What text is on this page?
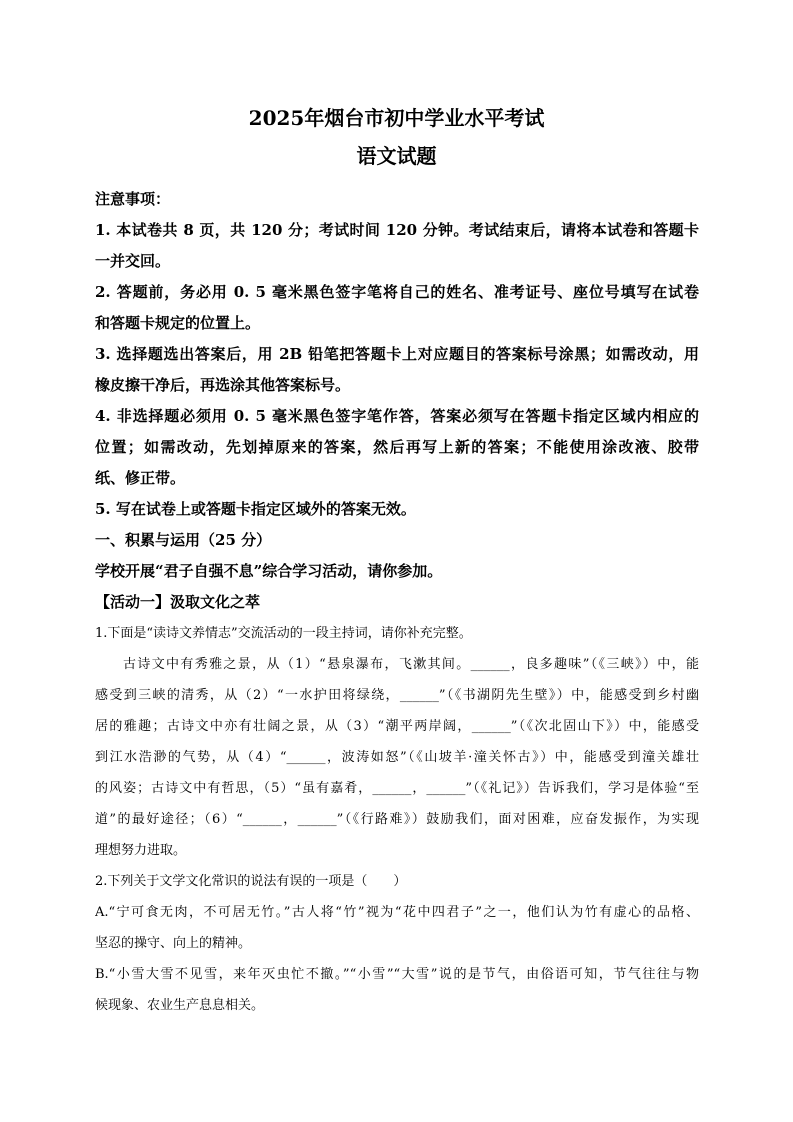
2025年烟台市初中学业水平考试
语文试题
注意事项：
1. 本试卷共 8 页，共 120 分；考试时间 120 分钟。考试结束后，请将本试卷和答题卡
一并交回。
2. 答题前，务必用 0. 5 毫米黑色签字笔将自己的姓名、准考证号、座位号填写在试卷
和答题卡规定的位置上。
3. 选择题选出答案后，用 2B 铅笔把答题卡上对应题目的答案标号涂黑；如需改动，用
橡皮擦干净后，再选涂其他答案标号。
4. 非选择题必须用 0. 5 毫米黑色签字笔作答，答案必须写在答题卡指定区域内相应的
位置；如需改动，先划掉原来的答案，然后再写上新的答案；不能使用涂改液、胶带
纸、修正带。
5. 写在试卷上或答题卡指定区域外的答案无效。
一、积累与运用（25 分）
学校开展“君子自强不息”综合学习活动，请你参加。
【活动一】汲取文化之萃
1.下面是“读诗文养情志”交流活动的一段主持词，请你补充完整。
古诗文中有秀雅之景，从（1）“悬泉瀑布，飞漱其间。______，良多趣味”（《三峡》）中，能
感受到三峡的清秀，从（2）“一水护田将绿绕，______”（《书湖阴先生壁》）中，能感受到乡村幽
居的雅趣；古诗文中亦有壮阔之景，从（3）“潮平两岸阔，______”（《次北固山下》）中，能感受
到江水浩渺的气势，从（4）“______，波涛如怒”（《山坡羊·潼关怀古》）中，能感受到潼关雄壮
的风姿；古诗文中有哲思，（5）“虽有嘉肴，______，______”（《礼记》）告诉我们，学习是体验“至
道”的最好途径；（6）“______，______”（《行路难》）鼓励我们，面对困难，应奋发振作，为实现
理想努力进取。
2.下列关于文学文化常识的说法有误的一项是（　　）
A.“宁可食无肉，不可居无竹。”古人将“竹”视为“花中四君子”之一，他们认为竹有虚心的品格、
坚忍的操守、向上的精神。
B.“小雪大雪不见雪，来年灭虫忙不撤。”“小雪”“大雪”说的是节气，由俗语可知，节气往往与物
候现象、农业生产息息相关。
